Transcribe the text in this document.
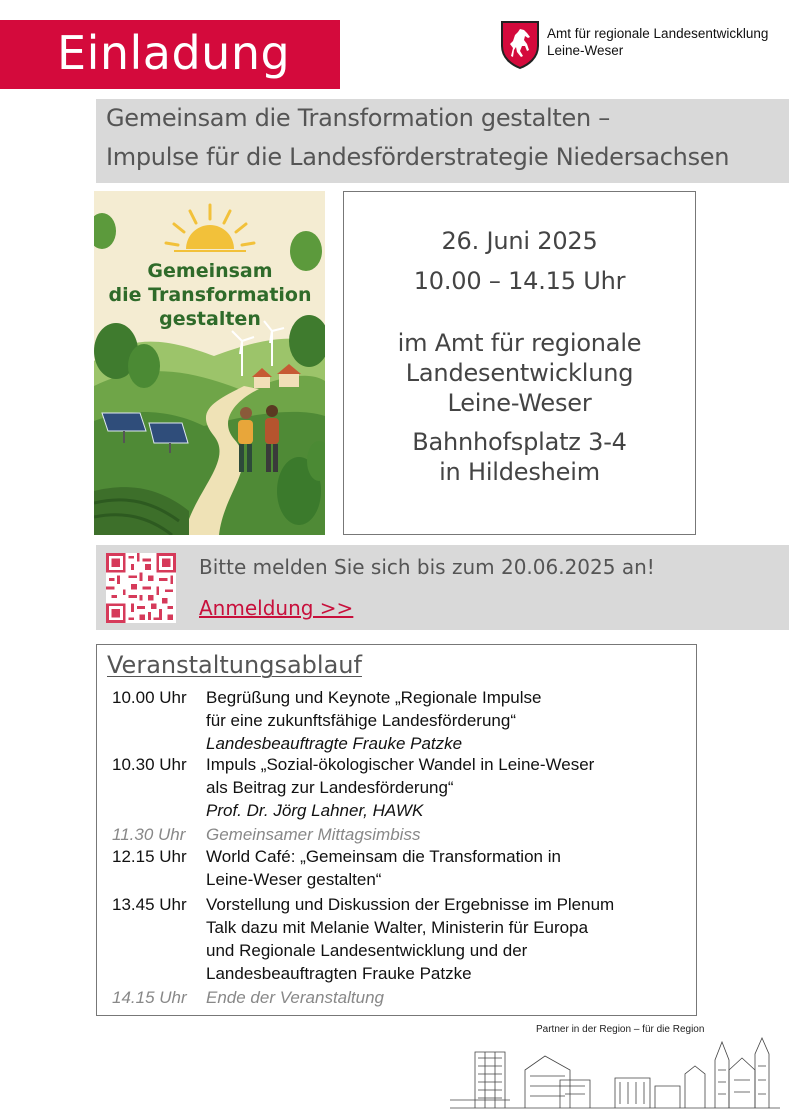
Einladung	Amt für regionale Landesentwicklung
Leine-Weser
Gemeinsam die Transformation gestalten –
Impulse für die Landesförderstrategie Niedersachsen
Gemeinsam
die Transformation
gestalten
26. Juni 2025
10.00 – 14.15 Uhr
im Amt für regionale
Landesentwicklung
Leine-Weser
Bahnhofsplatz 3-4
in Hildesheim
Bitte melden Sie sich bis zum 20.06.2025 an!
Anmeldung >>
Veranstaltungsablauf
10.00 Uhr Begrüßung und Keynote „Regionale Impulse
für eine zukunftsfähige Landesförderung“
Landesbeauftragte Frauke Patzke
10.30 Uhr Impuls „Sozial-ökologischer Wandel in Leine-Weser
als Beitrag zur Landesförderung“
Prof. Dr. Jörg Lahner, HAWK
11.30 Uhr Gemeinsamer Mittagsimbiss
12.15 Uhr World Café: „Gemeinsam die Transformation in
Leine-Weser gestalten“
13.45 Uhr Vorstellung und Diskussion der Ergebnisse im Plenum
Talk dazu mit Melanie Walter, Ministerin für Europa
und Regionale Landesentwicklung und der
Landesbeauftragten Frauke Patzke
14.15 Uhr Ende der Veranstaltung
Partner in der Region – für die Region
